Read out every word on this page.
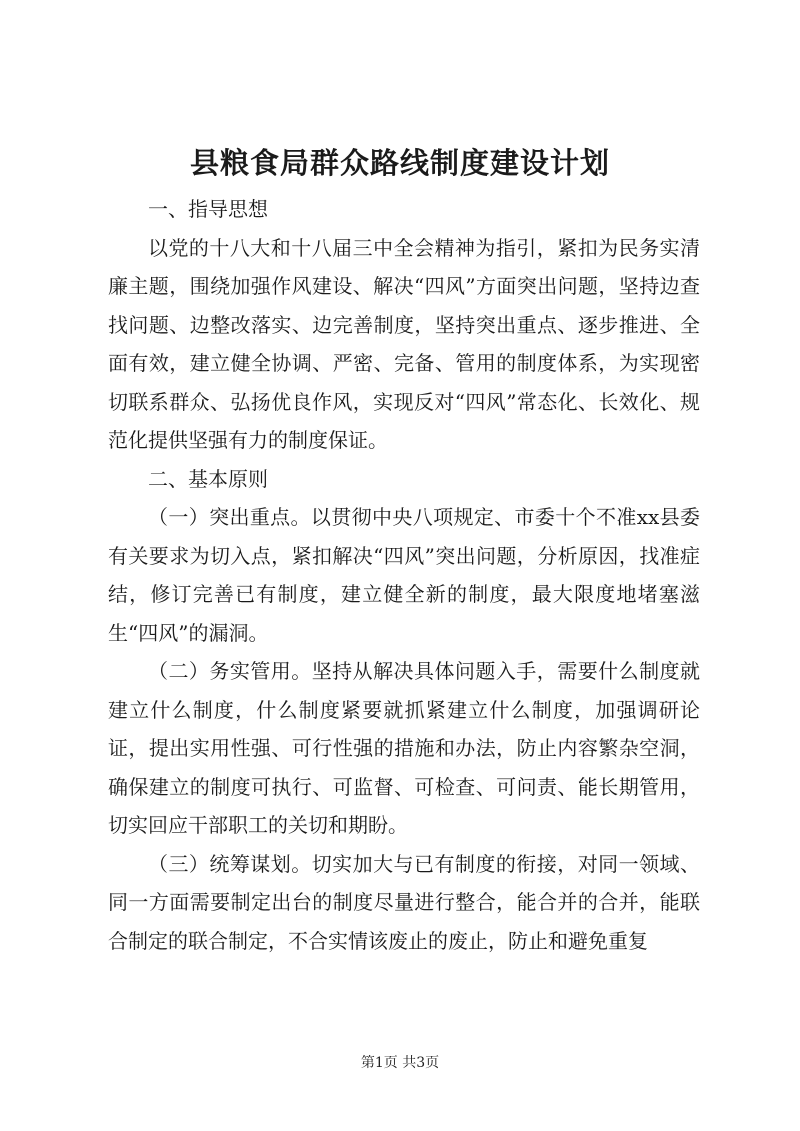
县粮食局群众路线制度建设计划

一、指导思想

以党的十八大和十八届三中全会精神为指引，紧扣为民务实清廉主题，围绕加强作风建设、解决“四风”方面突出问题，坚持边查找问题、边整改落实、边完善制度，坚持突出重点、逐步推进、全面有效，建立健全协调、严密、完备、管用的制度体系，为实现密切联系群众、弘扬优良作风，实现反对“四风”常态化、长效化、规范化提供坚强有力的制度保证。

二、基本原则

（一）突出重点。以贯彻中央八项规定、市委十个不准xx县委有关要求为切入点，紧扣解决“四风”突出问题，分析原因，找准症结，修订完善已有制度，建立健全新的制度，最大限度地堵塞滋生“四风”的漏洞。

（二）务实管用。坚持从解决具体问题入手，需要什么制度就建立什么制度，什么制度紧要就抓紧建立什么制度，加强调研论证，提出实用性强、可行性强的措施和办法，防止内容繁杂空洞，确保建立的制度可执行、可监督、可检查、可问责、能长期管用，切实回应干部职工的关切和期盼。

（三）统筹谋划。切实加大与已有制度的衔接，对同一领域、同一方面需要制定出台的制度尽量进行整合，能合并的合并，能联合制定的联合制定，不合实情该废止的废止，防止和避免重复

第1页 共3页
